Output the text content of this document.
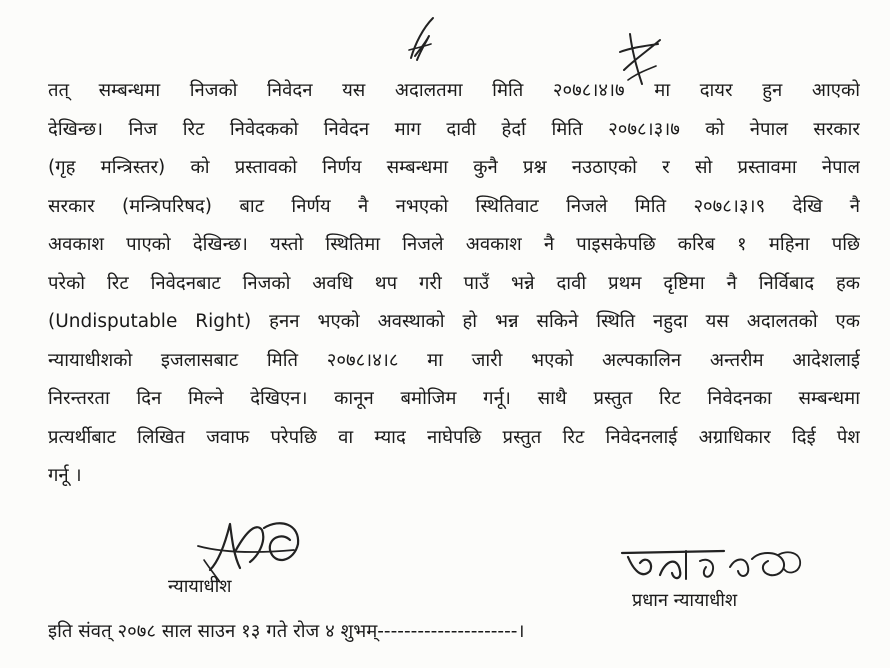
तत् सम्बन्धमा निजको निवेदन यस अदालतमा मिति २०७८।४।७ मा दायर हुन आएको
देखिन्छ। निज रिट निवेदकको निवेदन माग दावी हेर्दा मिति २०७८।३।७ को नेपाल सरकार
(गृह मन्त्रिस्तर) को प्रस्तावको निर्णय सम्बन्धमा कुनै प्रश्न नउठाएको र सो प्रस्तावमा नेपाल
सरकार (मन्त्रिपरिषद) बाट निर्णय नै नभएको स्थितिवाट निजले मिति २०७८।३।९ देखि नै
अवकाश पाएको देखिन्छ। यस्तो स्थितिमा निजले अवकाश नै पाइसकेपछि करिब १ महिना पछि
परेको रिट निवेदनबाट निजको अवधि थप गरी पाउँ भन्ने दावी प्रथम दृष्टिमा नै निर्विबाद हक
(Undisputable Right) हनन भएको अवस्थाको हो भन्न सकिने स्थिति नहुदा यस अदालतको एक
न्यायाधीशको इजलासबाट मिति २०७८।४।८ मा जारी भएको अल्पकालिन अन्तरीम आदेशलाई
निरन्तरता दिन मिल्ने देखिएन। कानून बमोजिम गर्नू। साथै प्रस्तुत रिट निवेदनका सम्बन्धमा
प्रत्यर्थीबाट लिखित जवाफ परेपछि वा म्याद नाघेपछि प्रस्तुत रिट निवेदनलाई अग्राधिकार दिई पेश
गर्नू ।
न्यायाधीश
प्रधान न्यायाधीश
इति संवत् २०७८ साल साउन १३ गते रोज ४ शुभम्---------------------।
